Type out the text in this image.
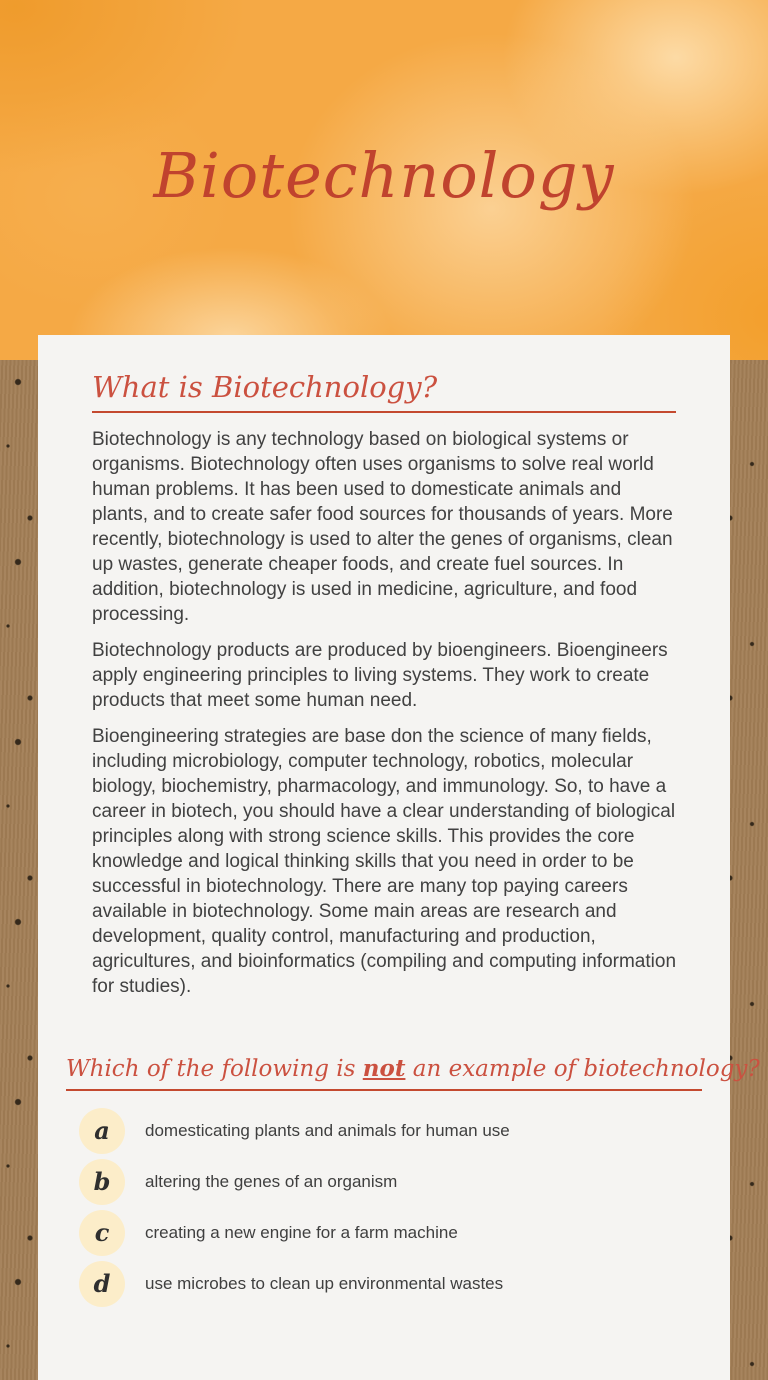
Biotechnology
What is Biotechnology?

Biotechnology is any technology based on biological systems or organisms. Biotechnology often uses organisms to solve real world human problems. It has been used to domesticate animals and plants, and to create safer food sources for thousands of years. More recently, biotechnology is used to alter the genes of organisms, clean up wastes, generate cheaper foods, and create fuel sources. In addition, biotechnology is used in medicine, agriculture, and food processing.

Biotechnology products are produced by bioengineers. Bioengineers apply engineering principles to living systems. They work to create products that meet some human need.

Bioengineering strategies are base don the science of many fields, including microbiology, computer technology, robotics, molecular biology, biochemistry, pharmacology, and immunology. So, to have a career in biotech, you should have a clear understanding of biological principles along with strong science skills. This provides the core knowledge and logical thinking skills that you need in order to be successful in biotechnology. There are many top paying careers available in biotechnology. Some main areas are research and development, quality control, manufacturing and production, agricultures, and bioinformatics (compiling and computing information for studies).

Which of the following is not an example of biotechnology?
a domesticating plants and animals for human use
b altering the genes of an organism
c creating a new engine for a farm machine
d use microbes to clean up environmental wastes
